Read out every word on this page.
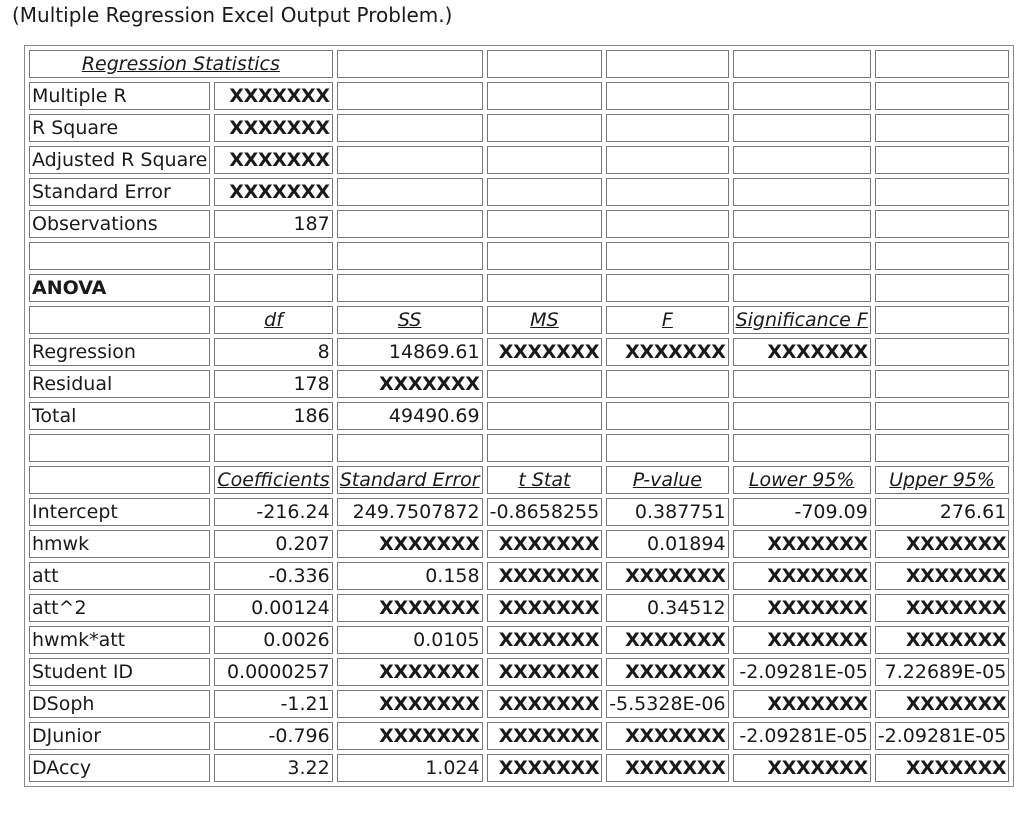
(Multiple Regression Excel Output Problem.)
Regression Statistics						
Multiple R	XXXXXXX					
R Square	XXXXXXX					
Adjusted R Square	XXXXXXX					
Standard Error	XXXXXXX					
Observations	187					

ANOVA						
	df	SS	MS	F	Significance F	
Regression	8	14869.61	XXXXXXX	XXXXXXX	XXXXXXX	
Residual	178	XXXXXXX				
Total	186	49490.69				

	Coefficients	Standard Error	t Stat	P-value	Lower 95%	Upper 95%
Intercept	-216.24	249.7507872	-0.8658255	0.387751	-709.09	276.61
hmwk	0.207	XXXXXXX	XXXXXXX	0.01894	XXXXXXX	XXXXXXX
att	-0.336	0.158	XXXXXXX	XXXXXXX	XXXXXXX	XXXXXXX
att^2	0.00124	XXXXXXX	XXXXXXX	0.34512	XXXXXXX	XXXXXXX
hwmk*att	0.0026	0.0105	XXXXXXX	XXXXXXX	XXXXXXX	XXXXXXX
Student ID	0.0000257	XXXXXXX	XXXXXXX	XXXXXXX	-2.09281E-05	7.22689E-05
DSoph	-1.21	XXXXXXX	XXXXXXX	-5.5328E-06	XXXXXXX	XXXXXXX
DJunior	-0.796	XXXXXXX	XXXXXXX	XXXXXXX	-2.09281E-05	-2.09281E-05
DAccy	3.22	1.024	XXXXXXX	XXXXXXX	XXXXXXX	XXXXXXX
